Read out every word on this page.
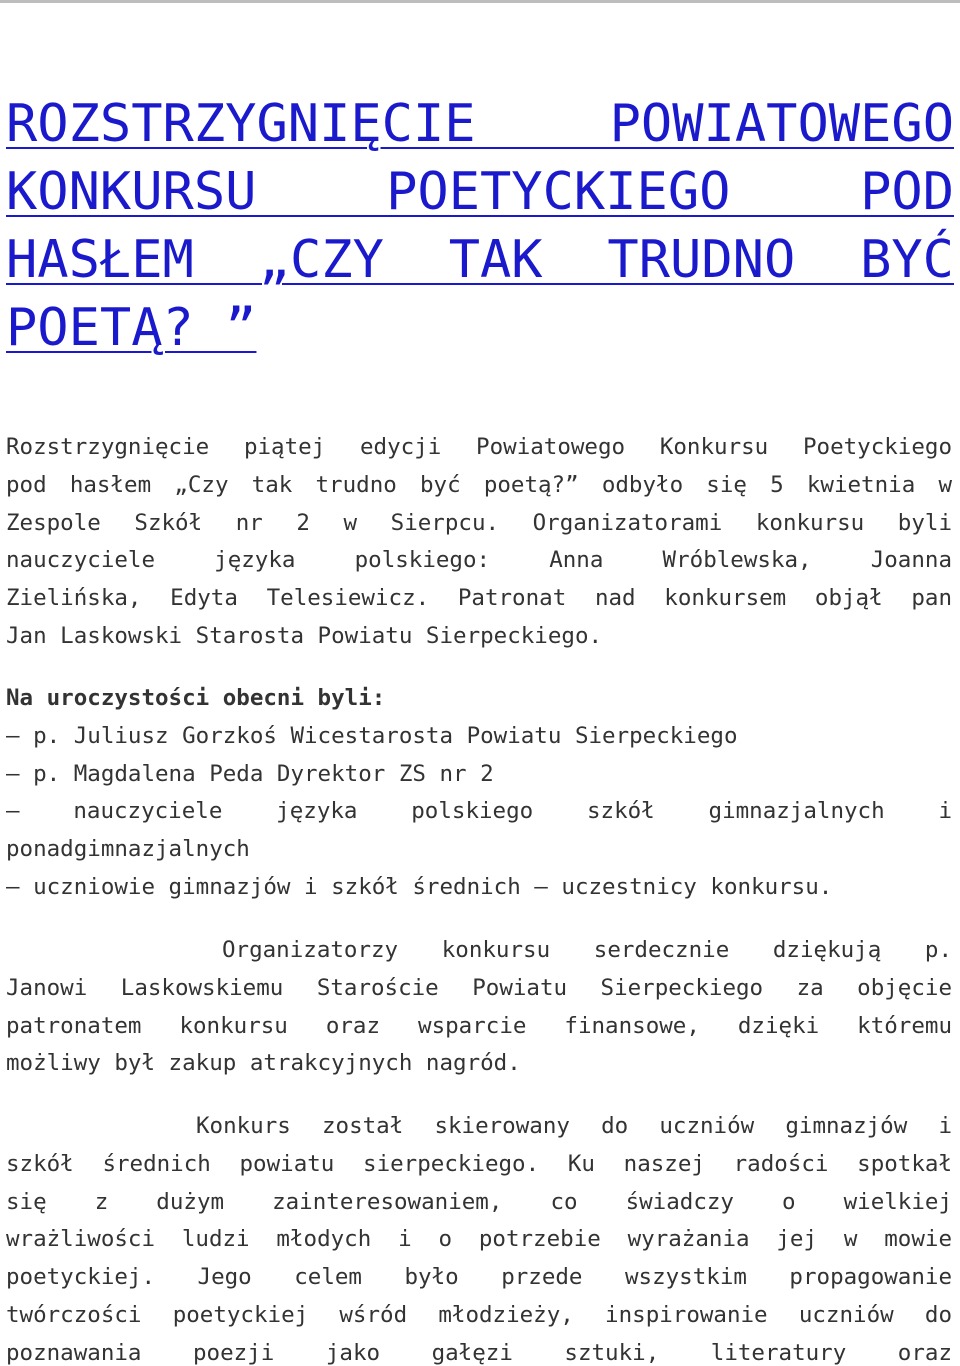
ROZSTRZYGNIĘCIE POWIATOWEGO
KONKURSU POETYCKIEGO POD
HASŁEM „CZY TAK TRUDNO BYĆ
POETĄ? ”
Rozstrzygnięcie piątej edycji Powiatowego Konkursu Poetyckiego
pod hasłem „Czy tak trudno być poetą?” odbyło się 5 kwietnia w
Zespole Szkół nr 2 w Sierpcu. Organizatorami konkursu byli
nauczyciele języka polskiego: Anna Wróblewska, Joanna
Zielińska, Edyta Telesiewicz. Patronat nad konkursem objął pan
Jan Laskowski Starosta Powiatu Sierpeckiego.
Na uroczystości obecni byli:
– p. Juliusz Gorzkoś Wicestarosta Powiatu Sierpeckiego
– p. Magdalena Peda Dyrektor ZS nr 2
– nauczyciele języka polskiego szkół gimnazjalnych i
ponadgimnazjalnych
– uczniowie gimnazjów i szkół średnich – uczestnicy konkursu.
Organizatorzy konkursu serdecznie dziękują p.
Janowi Laskowskiemu Staroście Powiatu Sierpeckiego za objęcie
patronatem konkursu oraz wsparcie finansowe, dzięki któremu
możliwy był zakup atrakcyjnych nagród.
Konkurs został skierowany do uczniów gimnazjów i
szkół średnich powiatu sierpeckiego. Ku naszej radości spotkał
się z dużym zainteresowaniem, co świadczy o wielkiej
wrażliwości ludzi młodych i o potrzebie wyrażania jej w mowie
poetyckiej. Jego celem było przede wszystkim propagowanie
twórczości poetyckiej wśród młodzieży, inspirowanie uczniów do
poznawania poezji jako gałęzi sztuki, literatury oraz
